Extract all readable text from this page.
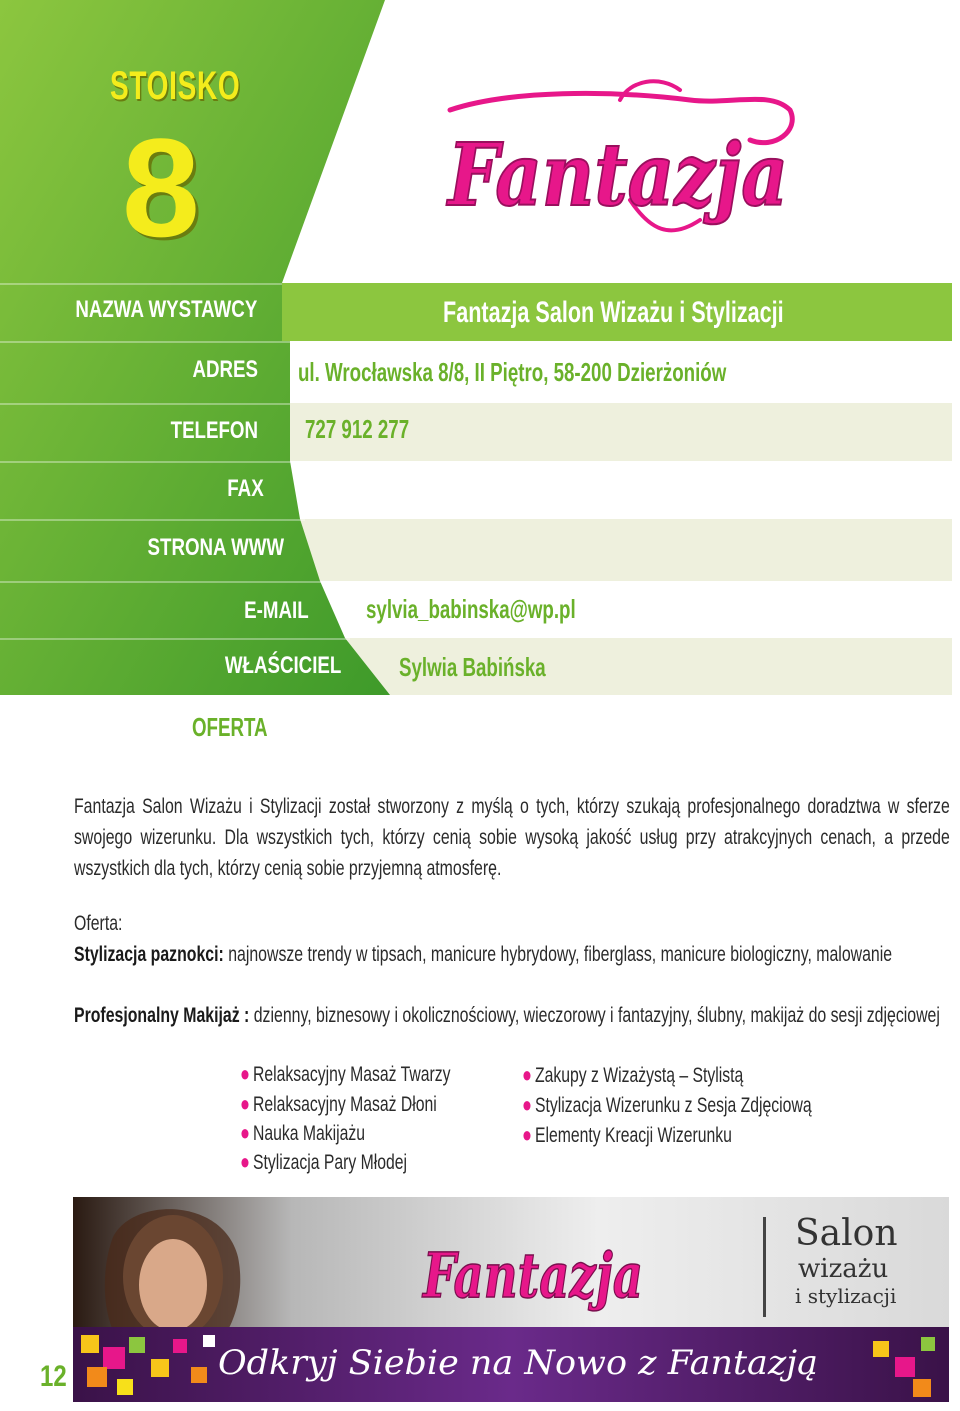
STOISKO
8	Fantazja
NAZWA WYSTAWCY
ADRES
TELEFON
FAX
STRONA WWW
E-MAIL
WŁAŚCICIEL
Fantazja Salon Wizażu i Stylizacji
ul. Wrocławska 8/8, II Piętro, 58-200 Dzierżoniów
727 912 277
sylvia_babinska@wp.pl
Sylwia Babińska
OFERTA
Fantazja Salon Wizażu i Stylizacji został stworzony z myślą o tych, którzy szukają profesjonalnego doradztwa w sferze swojego wizerunku. Dla wszystkich tych, którzy cenią sobie wysoką jakość usług przy atrakcyjnych cenach, a przede wszystkich dla tych, którzy cenią sobie przyjemną atmosferę.
Oferta:
Stylizacja paznokci: najnowsze trendy w tipsach, manicure hybrydowy, fiberglass, manicure biologiczny, malowanie
Profesjonalny Makijaż : dzienny, biznesowy i okolicznościowy, wieczorowy i fantazyjny, ślubny, makijaż do sesji zdjęciowej
● Relaksacyjny Masaż Twarzy
● Relaksacyjny Masaż Dłoni
● Nauka Makijażu
● Stylizacja Pary Młodej
● Zakupy z Wizażystą – Stylistą
● Stylizacja Wizerunku z Sesja Zdjęciową
● Elementy Kreacji Wizerunku
Salon
wizażu
i stylizacji
Fantazja
Odkryj Siebie na Nowo z Fantazją
12
